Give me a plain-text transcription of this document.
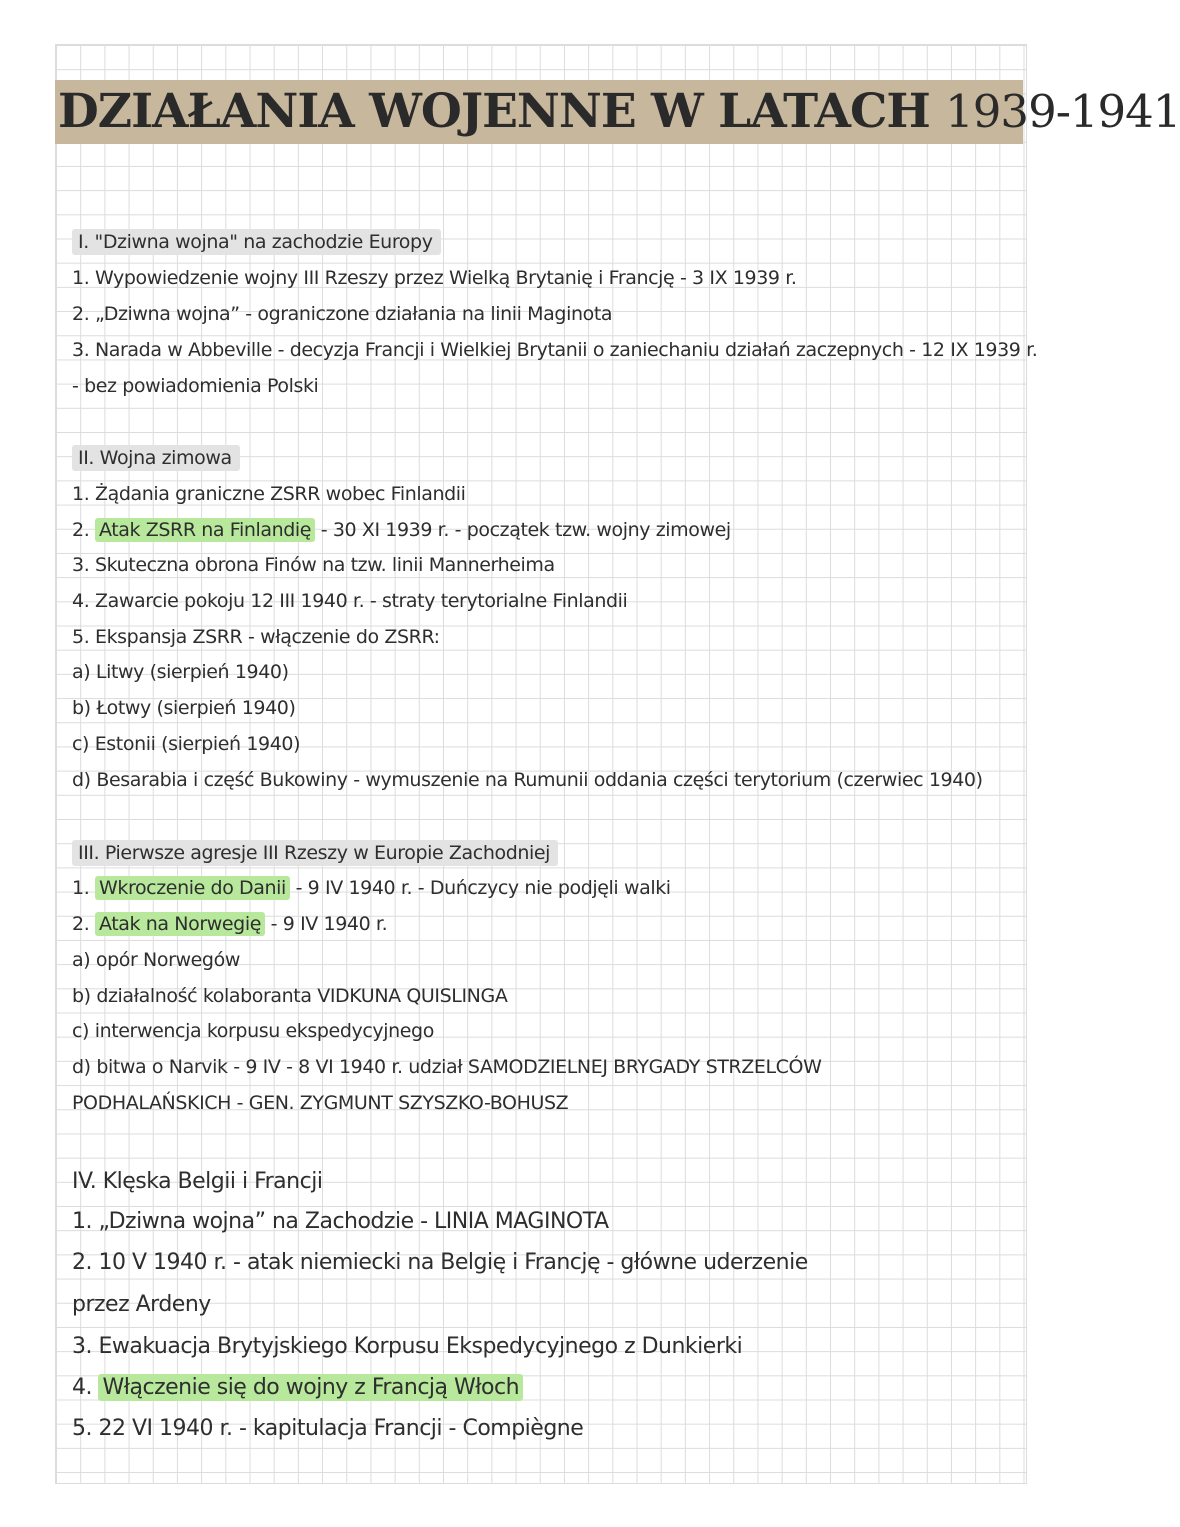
DZIAŁANIA WOJENNE W LATACH 1939-1941

I. "Dziwna wojna" na zachodzie Europy

1. Wypowiedzenie wojny III Rzeszy przez Wielką Brytanię i Francję - 3 IX 1939 r.

2. „Dziwna wojna” - ograniczone działania na linii Maginota

3. Narada w Abbeville - decyzja Francji i Wielkiej Brytanii o zaniechaniu działań zaczepnych - 12 IX 1939 r.

- bez powiadomienia Polski

II. Wojna zimowa

1. Żądania graniczne ZSRR wobec Finlandii

2. Atak ZSRR na Finlandię - 30 XI 1939 r. - początek tzw. wojny zimowej

3. Skuteczna obrona Finów na tzw. linii Mannerheima

4. Zawarcie pokoju 12 III 1940 r. - straty terytorialne Finlandii

5. Ekspansja ZSRR - włączenie do ZSRR:

a) Litwy (sierpień 1940)

b) Łotwy (sierpień 1940)

c) Estonii (sierpień 1940)

d) Besarabia i część Bukowiny - wymuszenie na Rumunii oddania części terytorium (czerwiec 1940)

III. Pierwsze agresje III Rzeszy w Europie Zachodniej

1. Wkroczenie do Danii - 9 IV 1940 r. - Duńczycy nie podjęli walki

2. Atak na Norwegię - 9 IV 1940 r.

a) opór Norwegów

b) działalność kolaboranta VIDKUNA QUISLINGA

c) interwencja korpusu ekspedycyjnego

d) bitwa o Narvik - 9 IV - 8 VI 1940 r. udział SAMODZIELNEJ BRYGADY STRZELCÓW

PODHALAŃSKICH - GEN. ZYGMUNT SZYSZKO-BOHUSZ

IV. Klęska Belgii i Francji

1. „Dziwna wojna” na Zachodzie - LINIA MAGINOTA

2. 10 V 1940 r. - atak niemiecki na Belgię i Francję - główne uderzenie

przez Ardeny

3. Ewakuacja Brytyjskiego Korpusu Ekspedycyjnego z Dunkierki

4. Włączenie się do wojny z Francją Włoch

5. 22 VI 1940 r. - kapitulacja Francji - Compiègne
